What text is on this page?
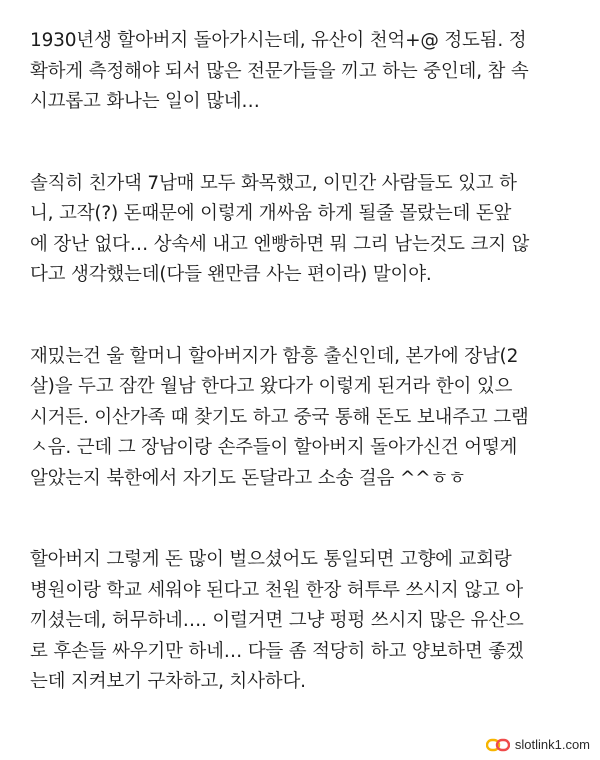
1930년생 할아버지 돌아가시는데, 유산이 천억+@ 정도됨. 정
확하게 측정해야 되서 많은 전문가들을 끼고 하는 중인데, 참 속
시끄롭고 화나는 일이 많네…

솔직히 친가댁 7남매 모두 화목했고, 이민간 사람들도 있고 하
니, 고작(?) 돈때문에 이렇게 개싸움 하게 될줄 몰랐는데 돈앞
에 장난 없다… 상속세 내고 엔빵하면 뭐 그리 남는것도 크지 않
다고 생각했는데(다들 왠만큼 사는 편이라) 말이야.

재밌는건 울 할머니 할아버지가 함흥 출신인데, 본가에 장남(2
살)을 두고 잠깐 월남 한다고 왔다가 이렇게 된거라 한이 있으
시거든. 이산가족 때 찾기도 하고 중국 통해 돈도 보내주고 그램
ㅅ음. 근데 그 장남이랑 손주들이 할아버지 돌아가신건 어떻게
알았는지 북한에서 자기도 돈달라고 소송 걸음 ^^ㅎㅎ

할아버지 그렇게 돈 많이 벌으셨어도 통일되면 고향에 교회랑
병원이랑 학교 세워야 된다고 천원 한장 허투루 쓰시지 않고 아
끼셨는데, 허무하네…. 이럴거면 그냥 펑펑 쓰시지 많은 유산으
로 후손들 싸우기만 하네… 다들 좀 적당히 하고 양보하면 좋겠
는데 지켜보기 구차하고, 치사하다.

slotlink1.com
